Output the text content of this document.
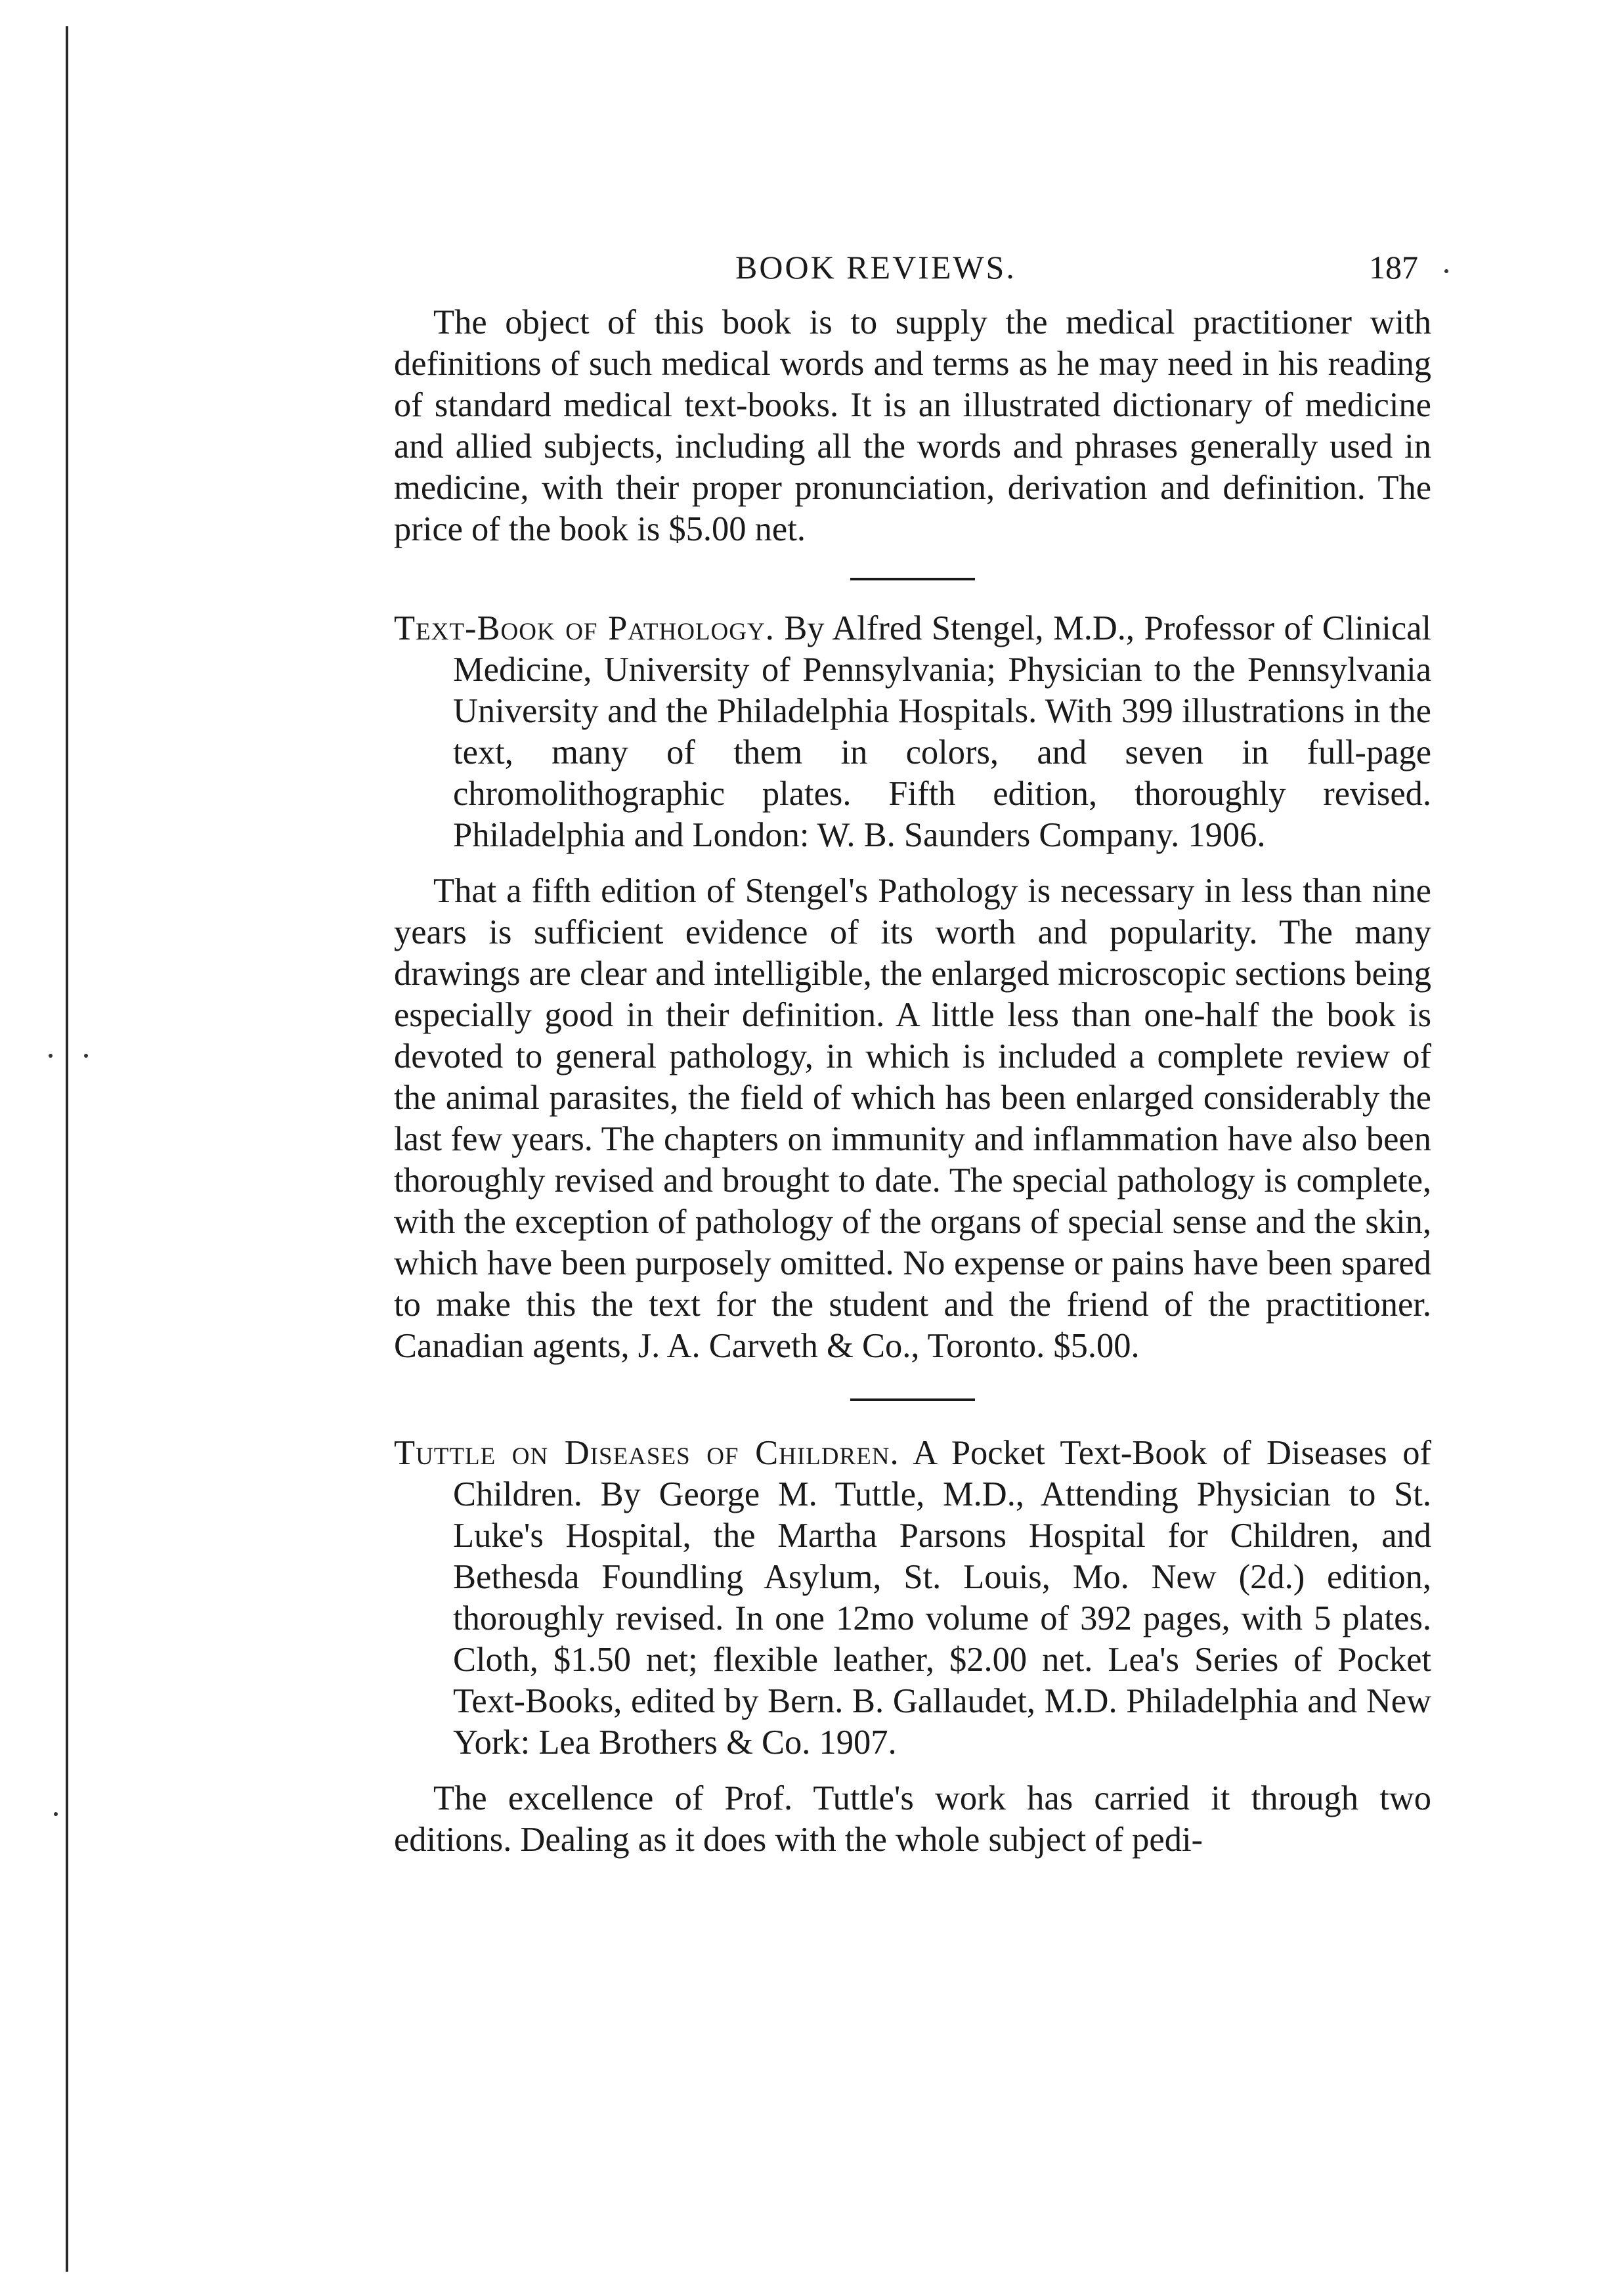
BOOK REVIEWS.	187

The object of this book is to supply the medical practitioner with definitions of such medical words and terms as he may need in his reading of standard medical text-books. It is an illustrated dictionary of medicine and allied subjects, including all the words and phrases generally used in medicine, with their proper pronunciation, derivation and definition. The price of the book is $5.00 net.

Text-Book of Pathology. By Alfred Stengel, M.D., Professor of Clinical Medicine, University of Pennsylvania; Physician to the Pennsylvania University and the Philadelphia Hospitals. With 399 illustrations in the text, many of them in colors, and seven in full-page chromolithographic plates. Fifth edition, thoroughly revised. Philadelphia and London: W. B. Saunders Company. 1906.

That a fifth edition of Stengel's Pathology is necessary in less than nine years is sufficient evidence of its worth and popularity. The many drawings are clear and intelligible, the enlarged microscopic sections being especially good in their definition. A little less than one-half the book is devoted to general pathology, in which is included a complete review of the animal parasites, the field of which has been enlarged considerably the last few years. The chapters on immunity and inflammation have also been thoroughly revised and brought to date. The special pathology is complete, with the exception of pathology of the organs of special sense and the skin, which have been purposely omitted. No expense or pains have been spared to make this the text for the student and the friend of the practitioner. Canadian agents, J. A. Carveth & Co., Toronto. $5.00.

Tuttle on Diseases of Children. A Pocket Text-Book of Diseases of Children. By George M. Tuttle, M.D., Attending Physician to St. Luke's Hospital, the Martha Parsons Hospital for Children, and Bethesda Foundling Asylum, St. Louis, Mo. New (2d.) edition, thoroughly revised. In one 12mo volume of 392 pages, with 5 plates. Cloth, $1.50 net; flexible leather, $2.00 net. Lea's Series of Pocket Text-Books, edited by Bern. B. Gallaudet, M.D. Philadelphia and New York: Lea Brothers & Co. 1907.

The excellence of Prof. Tuttle's work has carried it through two editions. Dealing as it does with the whole subject of pedi-
